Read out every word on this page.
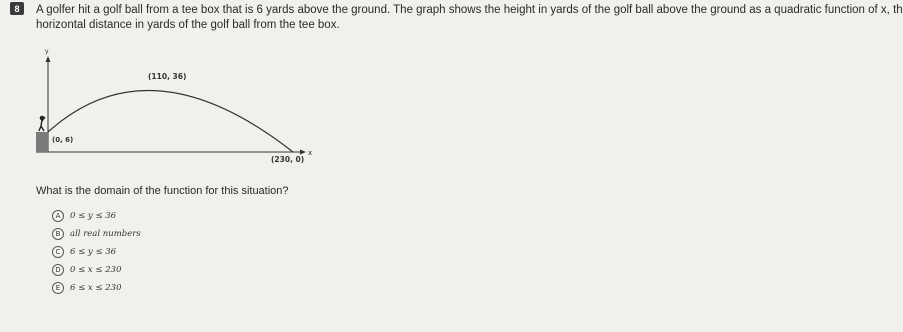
8	A golfer hit a golf ball from a tee box that is 6 yards above the ground. The graph shows the height in yards of the golf ball above the ground as a quadratic function of x, th
horizontal distance in yards of the golf ball from the tee box.
y
x
(110, 36)
(0, 6)
(230, 0)
What is the domain of the function for this situation?
A	0 ≤ y ≤ 36
B	all real numbers
C	6 ≤ y ≤ 36
D	0 ≤ x ≤ 230
E	6 ≤ x ≤ 230
